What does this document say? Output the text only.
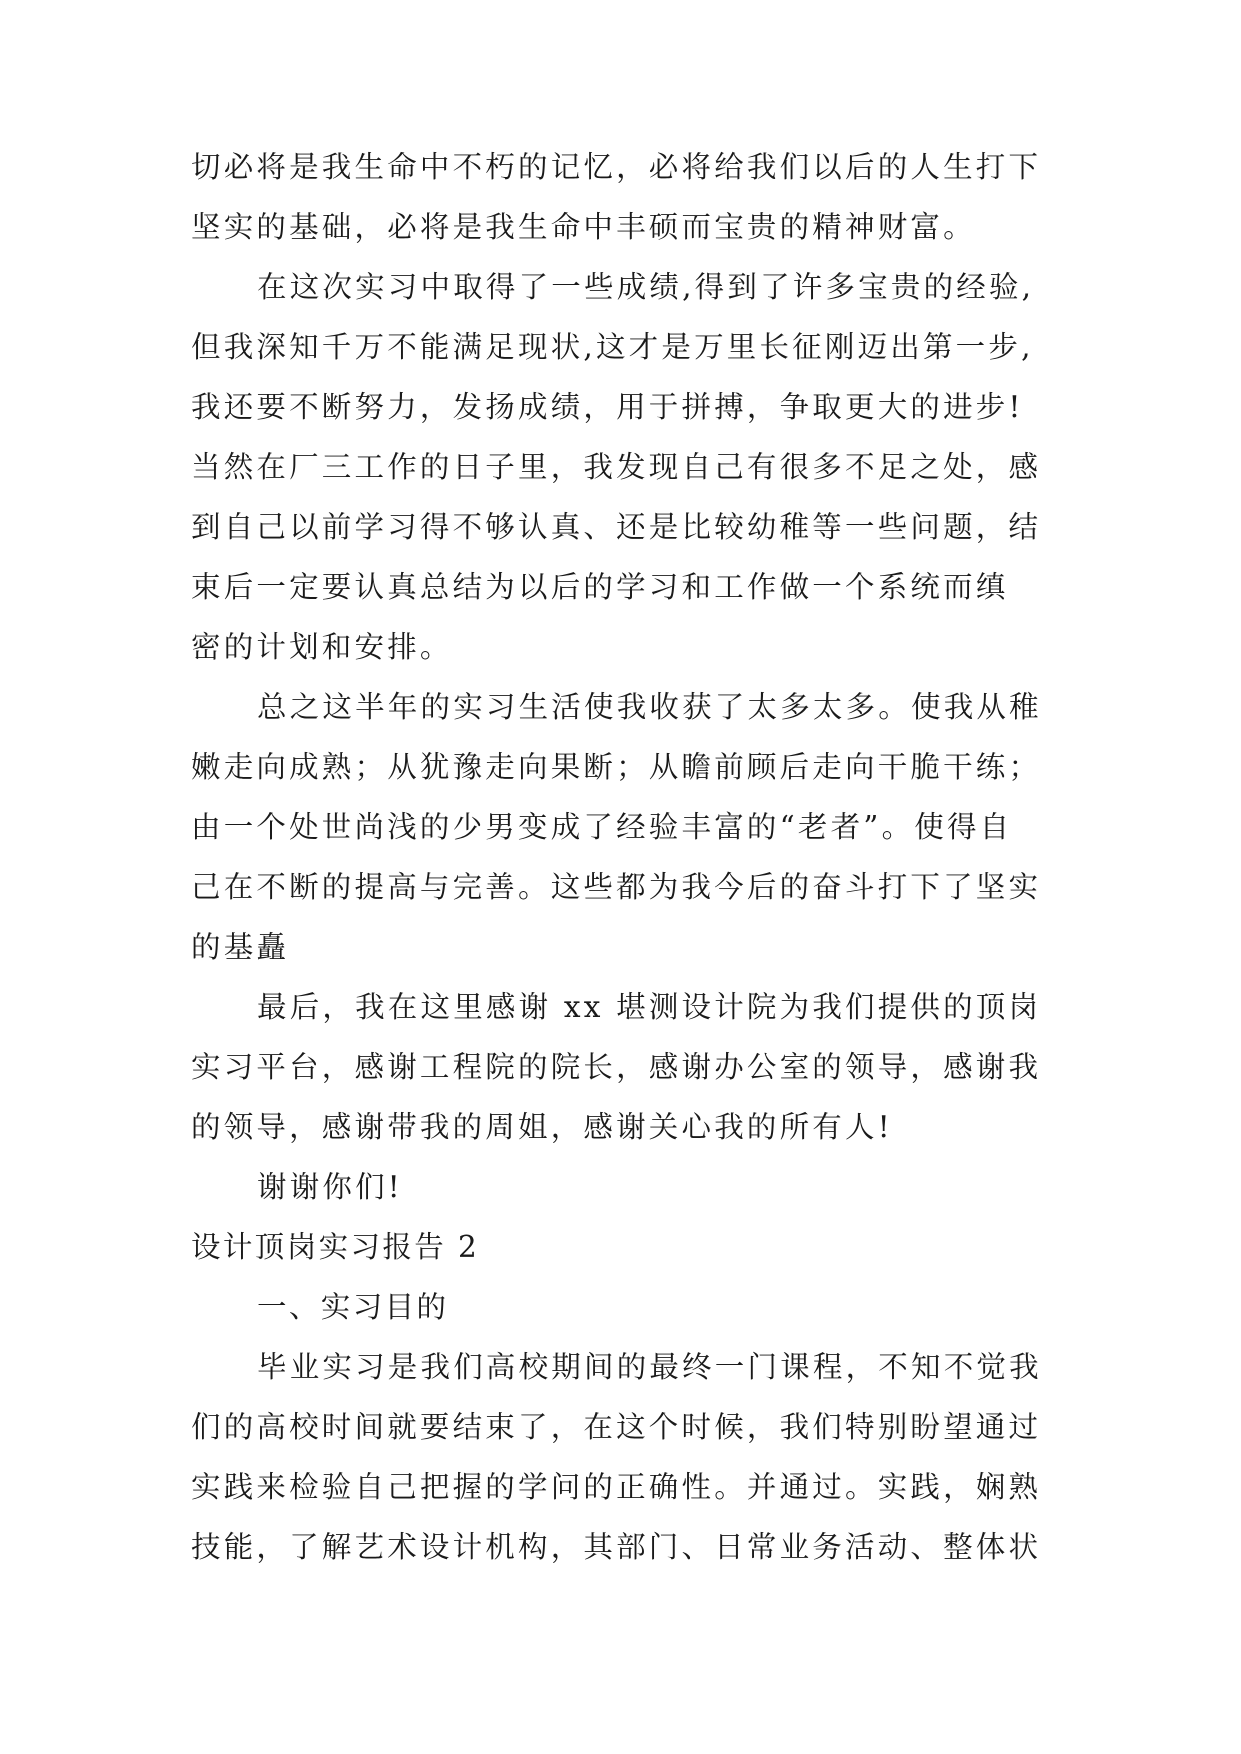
切必将是我生命中不朽的记忆，必将给我们以后的人生打下
坚实的基础，必将是我生命中丰硕而宝贵的精神财富。
在这次实习中取得了一些成绩,得到了许多宝贵的经验,
但我深知千万不能满足现状,这才是万里长征刚迈出第一步,
我还要不断努力，发扬成绩，用于拼搏，争取更大的进步!
当然在厂三工作的日子里，我发现自己有很多不足之处，感
到自己以前学习得不够认真、还是比较幼稚等一些问题，结
束后一定要认真总结为以后的学习和工作做一个系统而缜
密的计划和安排。
总之这半年的实习生活使我收获了太多太多。使我从稚
嫩走向成熟；从犹豫走向果断；从瞻前顾后走向干脆干练；
由一个处世尚浅的少男变成了经验丰富的“老者”。使得自
己在不断的提高与完善。这些都为我今后的奋斗打下了坚实
的基矗
最后，我在这里感谢 xx 堪测设计院为我们提供的顶岗
实习平台，感谢工程院的院长，感谢办公室的领导，感谢我
的领导，感谢带我的周姐，感谢关心我的所有人!
谢谢你们!
设计顶岗实习报告 2
一、实习目的
毕业实习是我们高校期间的最终一门课程，不知不觉我
们的高校时间就要结束了，在这个时候，我们特别盼望通过
实践来检验自己把握的学问的正确性。并通过。实践，娴熟
技能，了解艺术设计机构，其部门、日常业务活动、整体状
